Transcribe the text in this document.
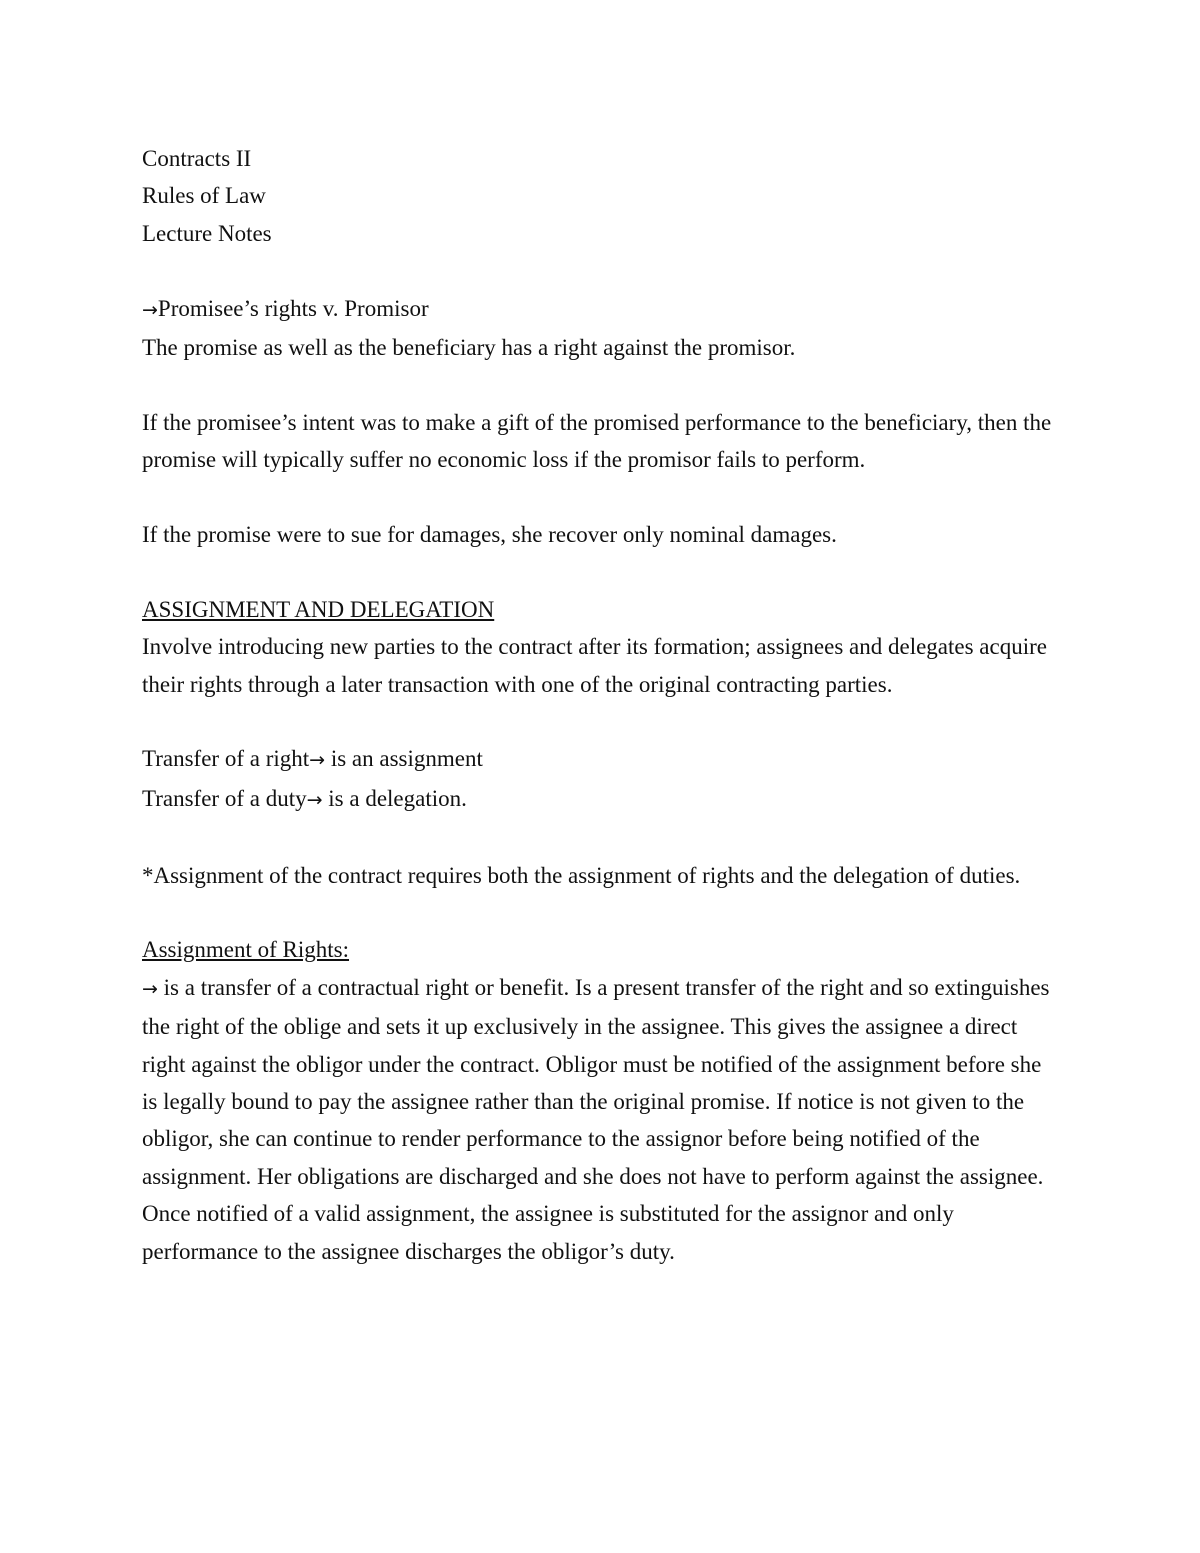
Contracts II

Rules of Law

Lecture Notes

→Promisee’s rights v. Promisor

The promise as well as the beneficiary has a right against the promisor.

If the promisee’s intent was to make a gift of the promised performance to the beneficiary, then the promise will typically suffer no economic loss if the promisor fails to perform.

If the promise were to sue for damages, she recover only nominal damages.

ASSIGNMENT AND DELEGATION

Involve introducing new parties to the contract after its formation; assignees and delegates acquire their rights through a later transaction with one of the original contracting parties.

Transfer of a right→ is an assignment

Transfer of a duty→ is a delegation.

*Assignment of the contract requires both the assignment of rights and the delegation of duties.

Assignment of Rights:

→ is a transfer of a contractual right or benefit. Is a present transfer of the right and so extinguishes the right of the oblige and sets it up exclusively in the assignee. This gives the assignee a direct right against the obligor under the contract. Obligor must be notified of the assignment before she is legally bound to pay the assignee rather than the original promise. If notice is not given to the obligor, she can continue to render performance to the assignor before being notified of the assignment. Her obligations are discharged and she does not have to perform against the assignee.

Once notified of a valid assignment, the assignee is substituted for the assignor and only performance to the assignee discharges the obligor’s duty.
